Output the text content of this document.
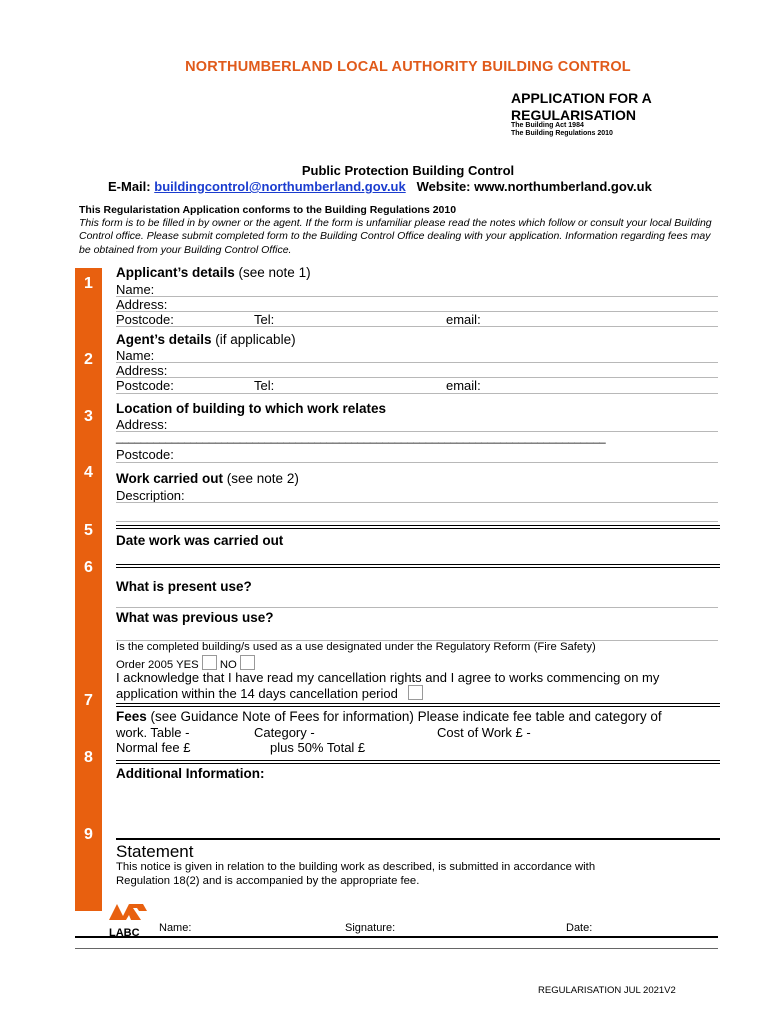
NORTHUMBERLAND LOCAL AUTHORITY BUILDING CONTROL
APPLICATION FOR A
REGULARISATION
The Building Act 1984
The Building Regulations 2010
Public Protection Building Control
E-Mail: buildingcontrol@northumberland.gov.uk Website: www.northumberland.gov.uk
This Regularistation Application conforms to the Building Regulations 2010
This form is to be filled in by owner or the agent. If the form is unfamiliar please read the notes which follow or consult your local Building Control office. Please submit completed form to the Building Control Office dealing with your application. Information regarding fees may be obtained from your Building Control Office.
1
2
3
4
5
6
7
8
9
Applicant’s details (see note 1)
Name:
Address:
Postcode:	Tel:	email:
Agent’s details (if applicable)
Name:
Address:
Postcode:	Tel:	email:
Location of building to which work relates
Address:
_______________________________________________________________________________
Postcode:
Work carried out (see note 2)
Description:
Date work was carried out
What is present use?
What was previous use?
Is the completed building/s used as a use designated under the Regulatory Reform (Fire Safety)
Order 2005 YES NO
I acknowledge that I have read my cancellation rights and I agree to works commencing on my
application within the 14 days cancellation period
Fees (see Guidance Note of Fees for information) Please indicate fee table and category of
work. Table -	Category -	Cost of Work £ -
Normal fee £	plus 50% Total £
Additional Information:
Statement
This notice is given in relation to the building work as described, is submitted in accordance with
Regulation 18(2) and is accompanied by the appropriate fee.
LABC	Name:	Signature:	Date:
REGULARISATION JUL 2021V2
